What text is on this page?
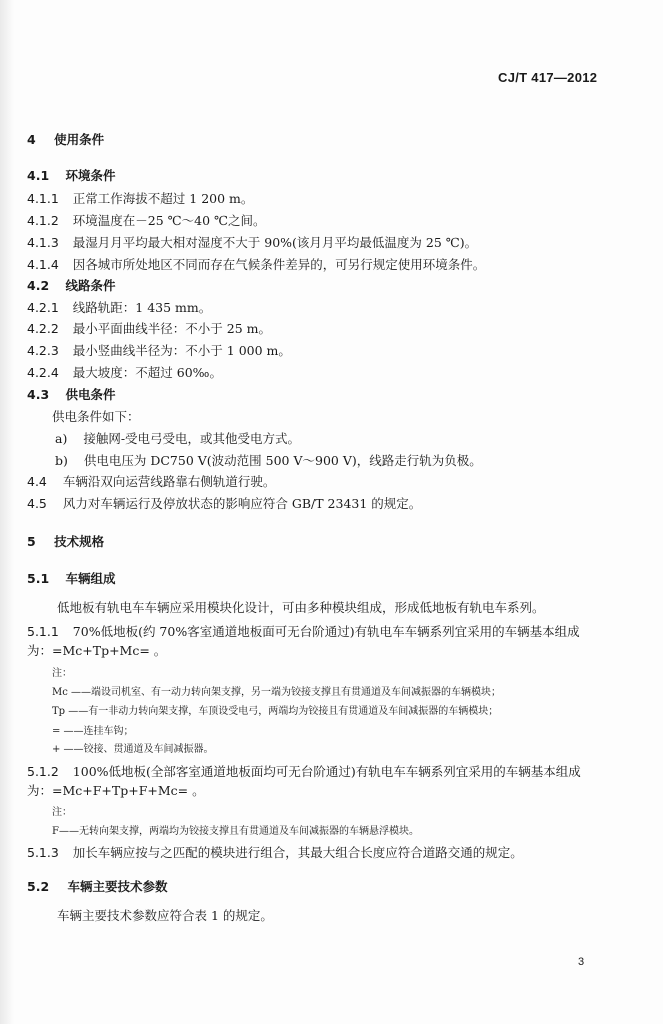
CJ/T 417—2012
4 使用条件
4.1 环境条件
4.1.1 正常工作海拔不超过 1 200 m。
4.1.2 环境温度在－25 ℃～40 ℃之间。
4.1.3 最湿月月平均最大相对湿度不大于 90%(该月月平均最低温度为 25 ℃)。
4.1.4 因各城市所处地区不同而存在气候条件差异的，可另行规定使用环境条件。
4.2 线路条件
4.2.1 线路轨距：1 435 mm。
4.2.2 最小平面曲线半径：不小于 25 m。
4.2.3 最小竖曲线半径为：不小于 1 000 m。
4.2.4 最大坡度：不超过 60‰。
4.3 供电条件
供电条件如下：
a) 接触网-受电弓受电，或其他受电方式。
b) 供电电压为 DC750 V(波动范围 500 V～900 V)，线路走行轨为负极。
4.4 车辆沿双向运营线路靠右侧轨道行驶。
4.5 风力对车辆运行及停放状态的影响应符合 GB/T 23431 的规定。
5 技术规格
5.1 车辆组成
低地板有轨电车车辆应采用模块化设计，可由多种模块组成，形成低地板有轨电车系列。
5.1.1 70%低地板(约 70%客室通道地板面可无台阶通过)有轨电车车辆系列宜采用的车辆基本组成
为：=Mc+Tp+Mc= 。
注：
Mc ——端设司机室、有一动力转向架支撑，另一端为铰接支撑且有贯通道及车间减振器的车辆模块；
Tp ——有一非动力转向架支撑，车顶设受电弓，两端均为铰接且有贯通道及车间减振器的车辆模块；
= ——连挂车钩；
+ ——铰接、贯通道及车间减振器。
5.1.2 100%低地板(全部客室通道地板面均可无台阶通过)有轨电车车辆系列宜采用的车辆基本组成
为：=Mc+F+Tp+F+Mc= 。
注：
F——无转向架支撑，两端均为铰接支撑且有贯通道及车间减振器的车辆悬浮模块。
5.1.3 加长车辆应按与之匹配的模块进行组合，其最大组合长度应符合道路交通的规定。
5.2 车辆主要技术参数
车辆主要技术参数应符合表 1 的规定。
3
